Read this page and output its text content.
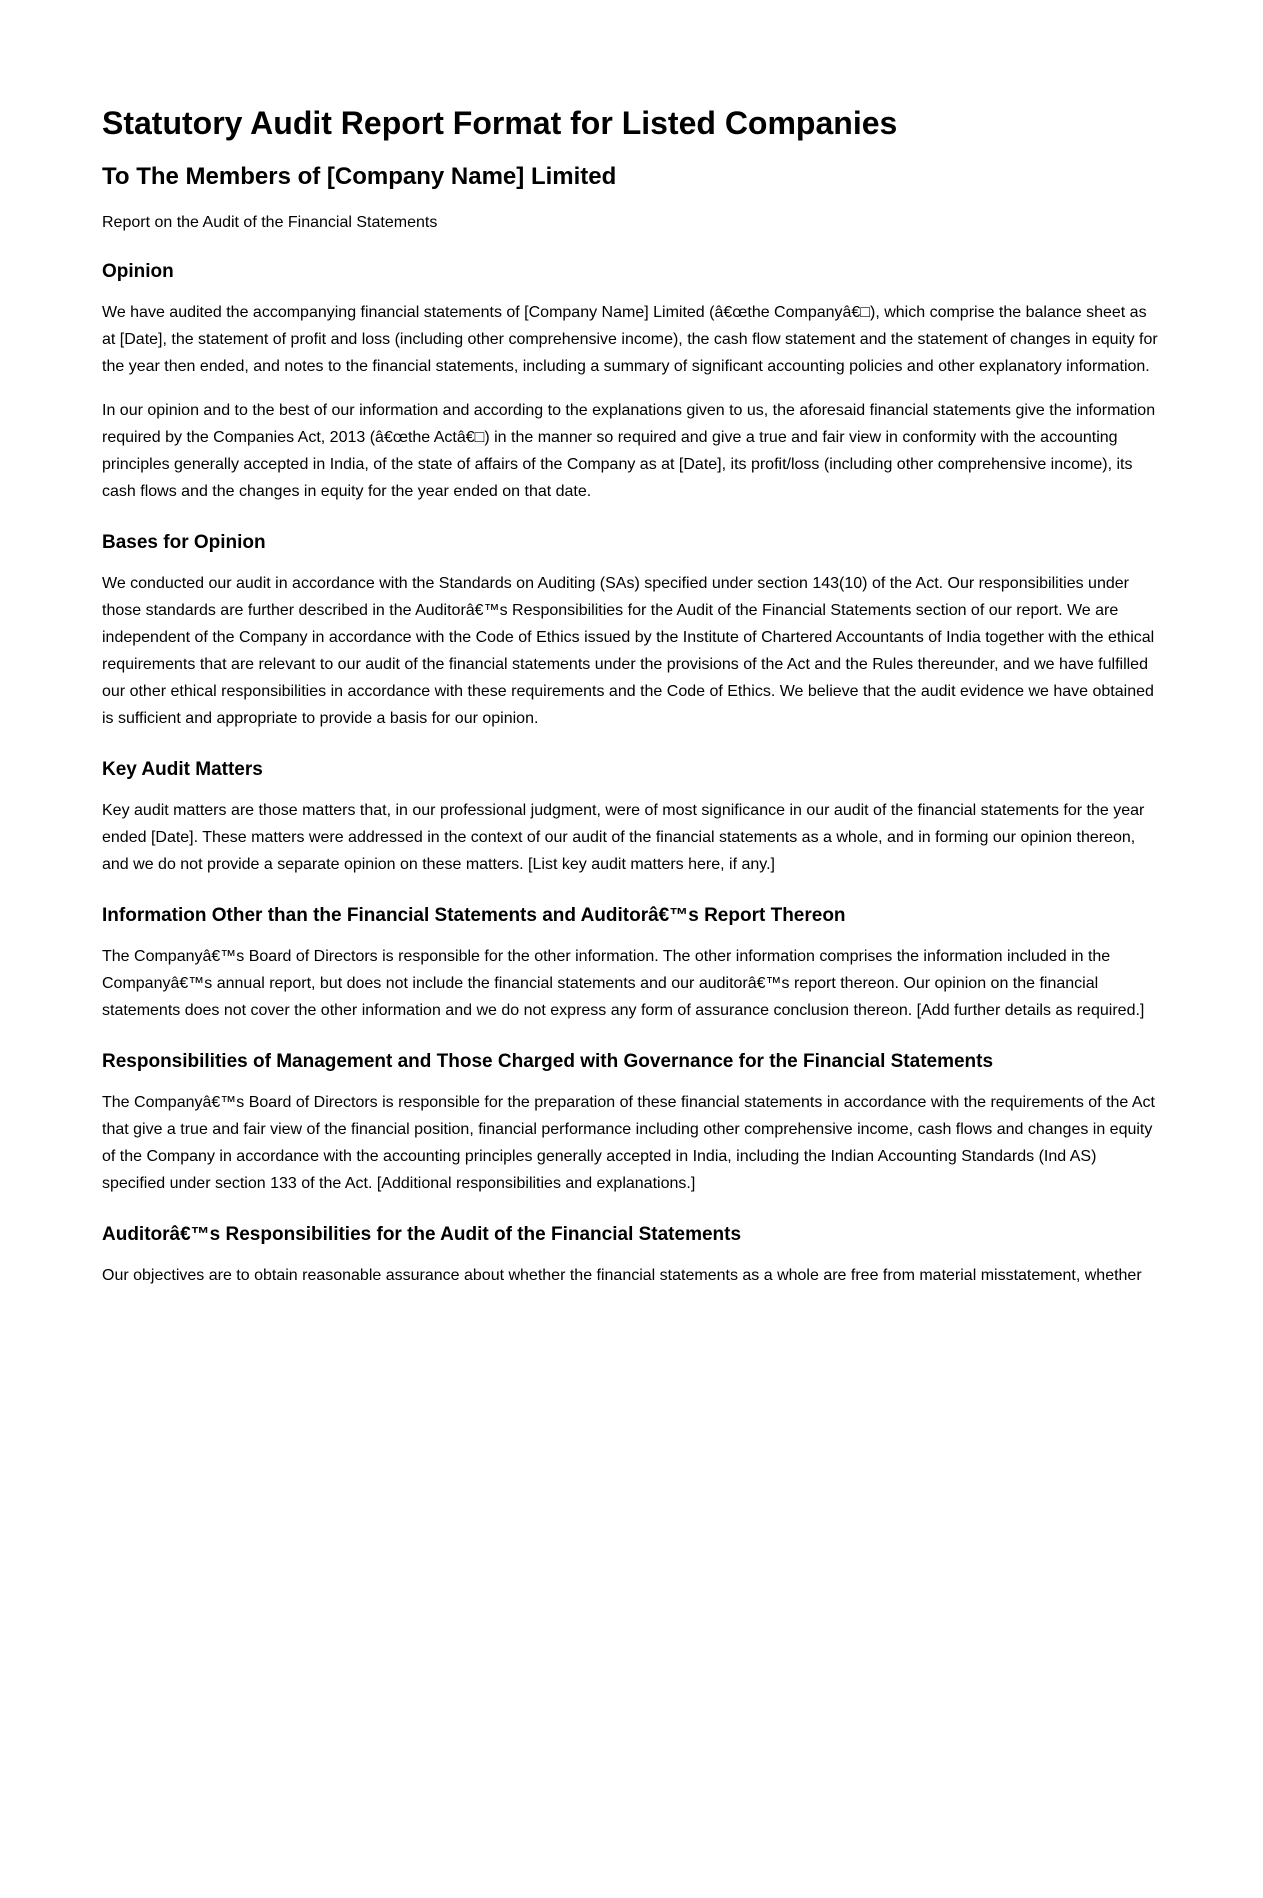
Statutory Audit Report Format for Listed Companies
To The Members of [Company Name] Limited
Report on the Audit of the Financial Statements
Opinion

We have audited the accompanying financial statements of [Company Name] Limited (â€œthe Companyâ€□), which comprise the balance sheet as at [Date], the statement of profit and loss (including other comprehensive income), the cash flow statement and the statement of changes in equity for the year then ended, and notes to the financial statements, including a summary of significant accounting policies and other explanatory information.

In our opinion and to the best of our information and according to the explanations given to us, the aforesaid financial statements give the information required by the Companies Act, 2013 (â€œthe Actâ€□) in the manner so required and give a true and fair view in conformity with the accounting principles generally accepted in India, of the state of affairs of the Company as at [Date], its profit/loss (including other comprehensive income), its cash flows and the changes in equity for the year ended on that date.

Bases for Opinion

We conducted our audit in accordance with the Standards on Auditing (SAs) specified under section 143(10) of the Act. Our responsibilities under those standards are further described in the Auditorâ€™s Responsibilities for the Audit of the Financial Statements section of our report. We are independent of the Company in accordance with the Code of Ethics issued by the Institute of Chartered Accountants of India together with the ethical requirements that are relevant to our audit of the financial statements under the provisions of the Act and the Rules thereunder, and we have fulfilled our other ethical responsibilities in accordance with these requirements and the Code of Ethics. We believe that the audit evidence we have obtained is sufficient and appropriate to provide a basis for our opinion.

Key Audit Matters

Key audit matters are those matters that, in our professional judgment, were of most significance in our audit of the financial statements for the year ended [Date]. These matters were addressed in the context of our audit of the financial statements as a whole, and in forming our opinion thereon, and we do not provide a separate opinion on these matters. [List key audit matters here, if any.]

Information Other than the Financial Statements and Auditorâ€™s Report Thereon

The Companyâ€™s Board of Directors is responsible for the other information. The other information comprises the information included in the Companyâ€™s annual report, but does not include the financial statements and our auditorâ€™s report thereon. Our opinion on the financial statements does not cover the other information and we do not express any form of assurance conclusion thereon. [Add further details as required.]

Responsibilities of Management and Those Charged with Governance for the Financial Statements

The Companyâ€™s Board of Directors is responsible for the preparation of these financial statements in accordance with the requirements of the Act that give a true and fair view of the financial position, financial performance including other comprehensive income, cash flows and changes in equity of the Company in accordance with the accounting principles generally accepted in India, including the Indian Accounting Standards (Ind AS) specified under section 133 of the Act. [Additional responsibilities and explanations.]

Auditorâ€™s Responsibilities for the Audit of the Financial Statements

Our objectives are to obtain reasonable assurance about whether the financial statements as a whole are free from material misstatement, whether
